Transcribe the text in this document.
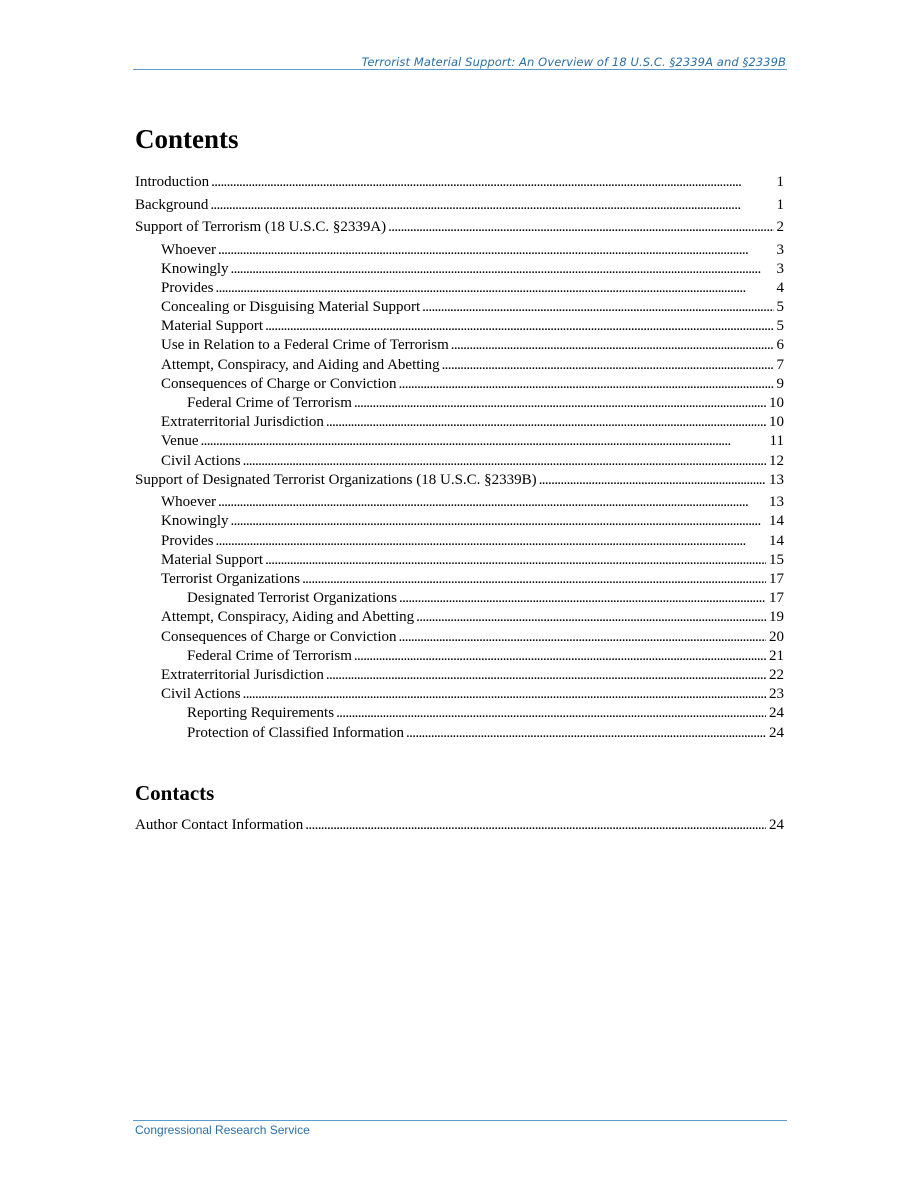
Terrorist Material Support: An Overview of 18 U.S.C. §2339A and §2339B
Contents
Introduction . . .	1
Background . . .	1
Support of Terrorism (18 U.S.C. §2339A) . . .	2
Whoever . . .	3
Knowingly . . .	3
Provides . . .	4
Concealing or Disguising Material Support . . .	5
Material Support . . .	5
Use in Relation to a Federal Crime of Terrorism . . .	6
Attempt, Conspiracy, and Aiding and Abetting . . .	7
Consequences of Charge or Conviction . . .	9
Federal Crime of Terrorism . . .	10
Extraterritorial Jurisdiction . . .	10
Venue . . .	11
Civil Actions . . .	12
Support of Designated Terrorist Organizations (18 U.S.C. §2339B) . . .	13
Whoever . . .	13
Knowingly . . .	14
Provides . . .	14
Material Support . . .	15
Terrorist Organizations . . .	17
Designated Terrorist Organizations . . .	17
Attempt, Conspiracy, Aiding and Abetting . . .	19
Consequences of Charge or Conviction . . .	20
Federal Crime of Terrorism . . .	21
Extraterritorial Jurisdiction . . .	22
Civil Actions . . .	23
Reporting Requirements . . .	24
Protection of Classified Information . . .	24
Contacts
Author Contact Information . . .	24
Congressional Research Service
